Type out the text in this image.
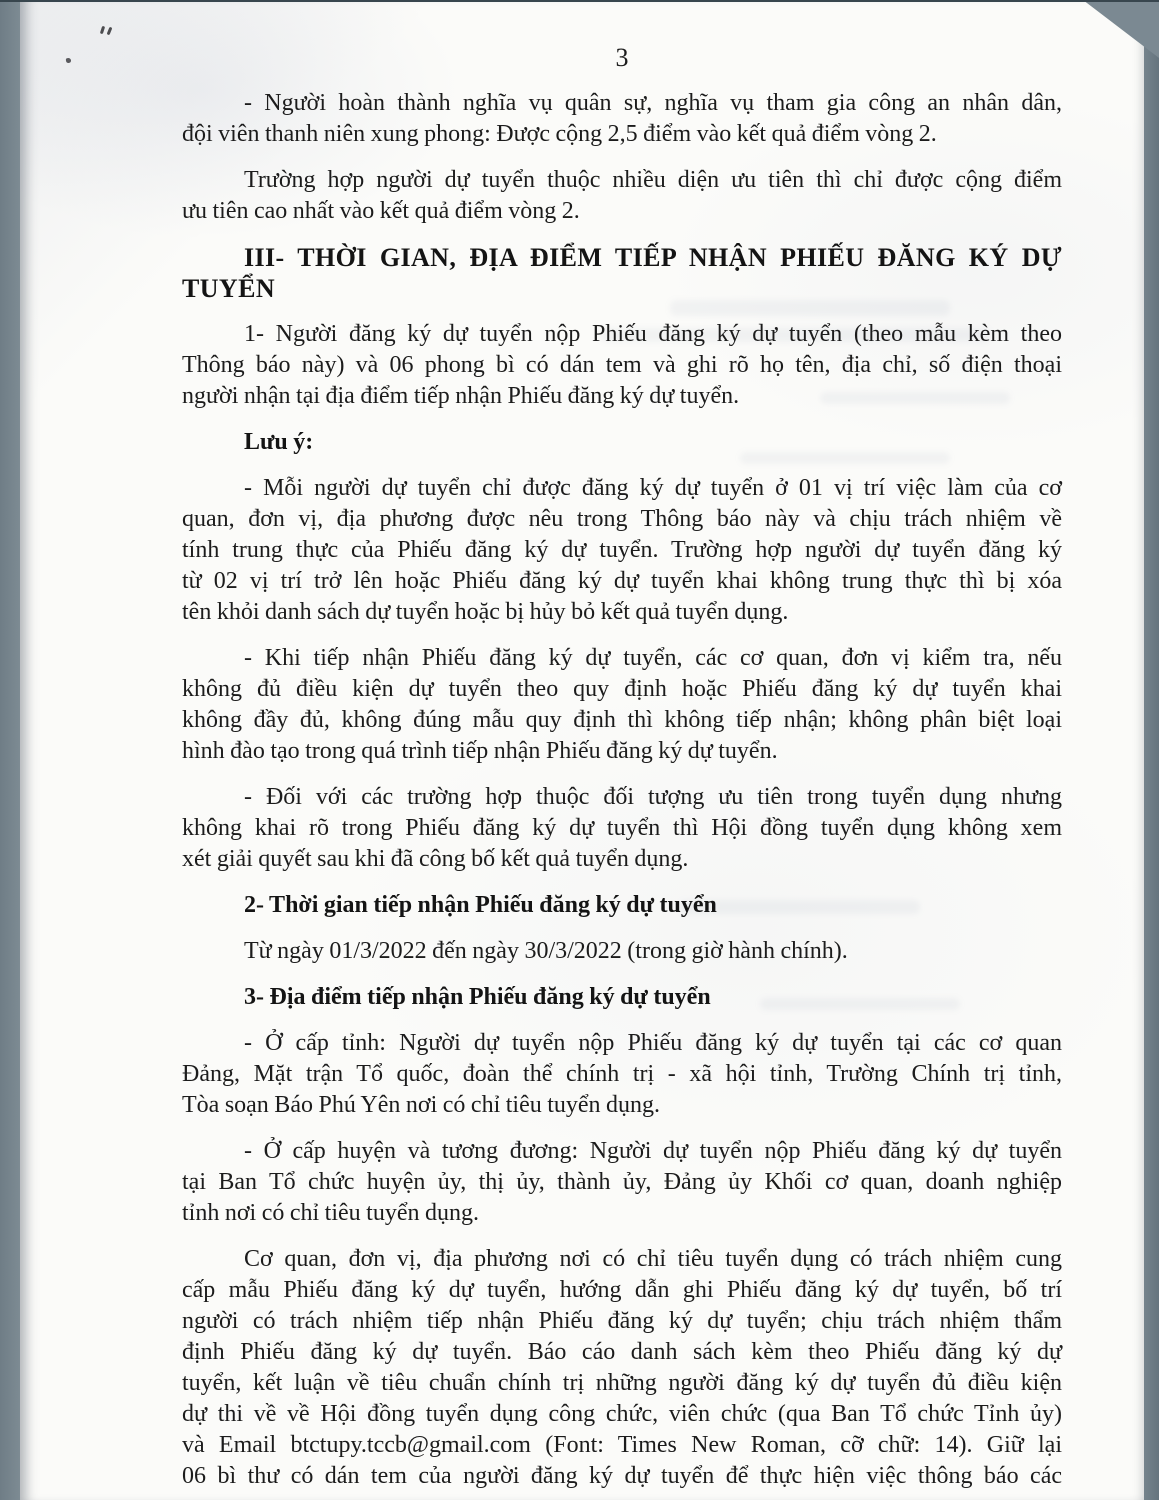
3
- Người hoàn thành nghĩa vụ quân sự, nghĩa vụ tham gia công an nhân dân,
đội viên thanh niên xung phong: Được cộng 2,5 điểm vào kết quả điểm vòng 2.
Trường hợp người dự tuyển thuộc nhiều diện ưu tiên thì chỉ được cộng điểm
ưu tiên cao nhất vào kết quả điểm vòng 2.
III- THỜI GIAN, ĐỊA ĐIỂM TIẾP NHẬN PHIẾU ĐĂNG KÝ DỰ
TUYỂN
1- Người đăng ký dự tuyển nộp Phiếu đăng ký dự tuyển (theo mẫu kèm theo
Thông báo này) và 06 phong bì có dán tem và ghi rõ họ tên, địa chỉ, số điện thoại
người nhận tại địa điểm tiếp nhận Phiếu đăng ký dự tuyển.
Lưu ý:
- Mỗi người dự tuyển chỉ được đăng ký dự tuyển ở 01 vị trí việc làm của cơ
quan, đơn vị, địa phương được nêu trong Thông báo này và chịu trách nhiệm về
tính trung thực của Phiếu đăng ký dự tuyển. Trường hợp người dự tuyển đăng ký
từ 02 vị trí trở lên hoặc Phiếu đăng ký dự tuyển khai không trung thực thì bị xóa
tên khỏi danh sách dự tuyển hoặc bị hủy bỏ kết quả tuyển dụng.
- Khi tiếp nhận Phiếu đăng ký dự tuyển, các cơ quan, đơn vị kiểm tra, nếu
không đủ điều kiện dự tuyển theo quy định hoặc Phiếu đăng ký dự tuyển khai
không đầy đủ, không đúng mẫu quy định thì không tiếp nhận; không phân biệt loại
hình đào tạo trong quá trình tiếp nhận Phiếu đăng ký dự tuyển.
- Đối với các trường hợp thuộc đối tượng ưu tiên trong tuyển dụng nhưng
không khai rõ trong Phiếu đăng ký dự tuyển thì Hội đồng tuyển dụng không xem
xét giải quyết sau khi đã công bố kết quả tuyển dụng.
2- Thời gian tiếp nhận Phiếu đăng ký dự tuyển
Từ ngày 01/3/2022 đến ngày 30/3/2022 (trong giờ hành chính).
3- Địa điểm tiếp nhận Phiếu đăng ký dự tuyển
- Ở cấp tỉnh: Người dự tuyển nộp Phiếu đăng ký dự tuyển tại các cơ quan
Đảng, Mặt trận Tổ quốc, đoàn thể chính trị - xã hội tỉnh, Trường Chính trị tỉnh,
Tòa soạn Báo Phú Yên nơi có chỉ tiêu tuyển dụng.
- Ở cấp huyện và tương đương: Người dự tuyển nộp Phiếu đăng ký dự tuyển
tại Ban Tổ chức huyện ủy, thị ủy, thành ủy, Đảng ủy Khối cơ quan, doanh nghiệp
tỉnh nơi có chỉ tiêu tuyển dụng.
Cơ quan, đơn vị, địa phương nơi có chỉ tiêu tuyển dụng có trách nhiệm cung
cấp mẫu Phiếu đăng ký dự tuyển, hướng dẫn ghi Phiếu đăng ký dự tuyển, bố trí
người có trách nhiệm tiếp nhận Phiếu đăng ký dự tuyển; chịu trách nhiệm thẩm
định Phiếu đăng ký dự tuyển. Báo cáo danh sách kèm theo Phiếu đăng ký dự
tuyển, kết luận về tiêu chuẩn chính trị những người đăng ký dự tuyển đủ điều kiện
dự thi về về Hội đồng tuyển dụng công chức, viên chức (qua Ban Tổ chức Tỉnh ủy)
và Email btctupy.tccb@gmail.com (Font: Times New Roman, cỡ chữ: 14). Giữ lại
06 bì thư có dán tem của người đăng ký dự tuyển để thực hiện việc thông báo các
